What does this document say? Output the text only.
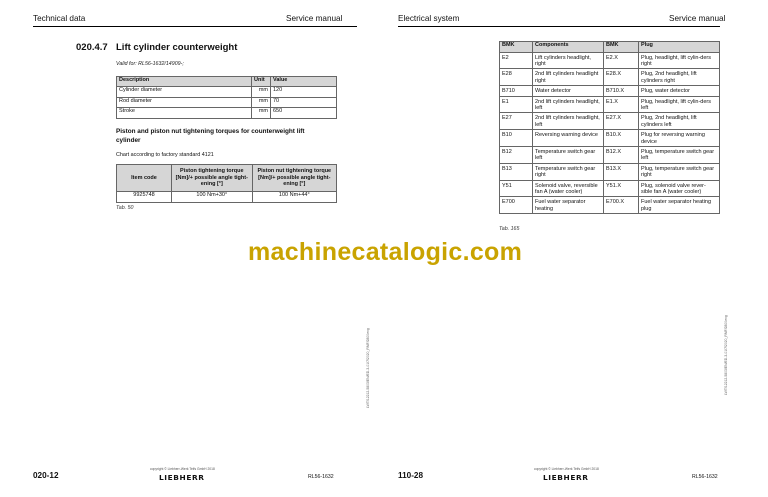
Technical data	Service manual
020.4.7 Lift cylinder counterweight
Valid for: RL56-1632/14909-;
Description	Unit	Value
Cylinder diameter	mm	120
Rod diameter	mm	70
Stroke	mm	650
Piston and piston nut tightening torques for counterweight lift cylinder
Chart according to factory standard 4121
Item code	Piston tightening torque [Nm]/+ possible angle tight-ening [°]	Piston nut tightening torque [Nm]/+ possible angle tight-ening [°]
9925748	100 Nm+30°	100 Nm+44°
Tab. 50
LWT/12212-5803/EN/ED-3-01/7/2020_RMF/2800eng
020-12
copyright © Liebherr-Werk Telfs GmbH 2018
LIEBHERR	RL56-1632
Electrical system	Service manual
BMK	Components	BMK	Plug
E2	Lift cylinders headlight, right	E2.X	Plug, headlight, lift cylin-ders right
E28	2nd lift cylinders headlight right	E28.X	Plug, 2nd headlight, lift cylinders right
B710	Water detector	B710.X	Plug, water detector
E1	2nd lift cylinders headlight, left	E1.X	Plug, headlight, lift cylin-ders left
E27	2nd lift cylinders headlight, left	E27.X	Plug, 2nd headlight, lift cylinders left
B10	Reversing warning device	B10.X	Plug for reversing warning device
B12	Temperature switch gear left	B12.X	Plug, temperature switch gear left
B13	Temperature switch gear right	B13.X	Plug, temperature switch gear right
Y51	Solenoid valve, reversible fan A (water cooler)	Y51.X	Plug, solenoid valve rever-sible fan A (water cooler)
E700	Fuel water separator heating	E700.X	Fuel water separator heating plug
Tab. 165
LWT/12212-5803/EN/ED-3-01/7/2020_RMF/2800eng
110-28
copyright © Liebherr-Werk Telfs GmbH 2018
LIEBHERR	RL56-1632
machinecatalogic.com
